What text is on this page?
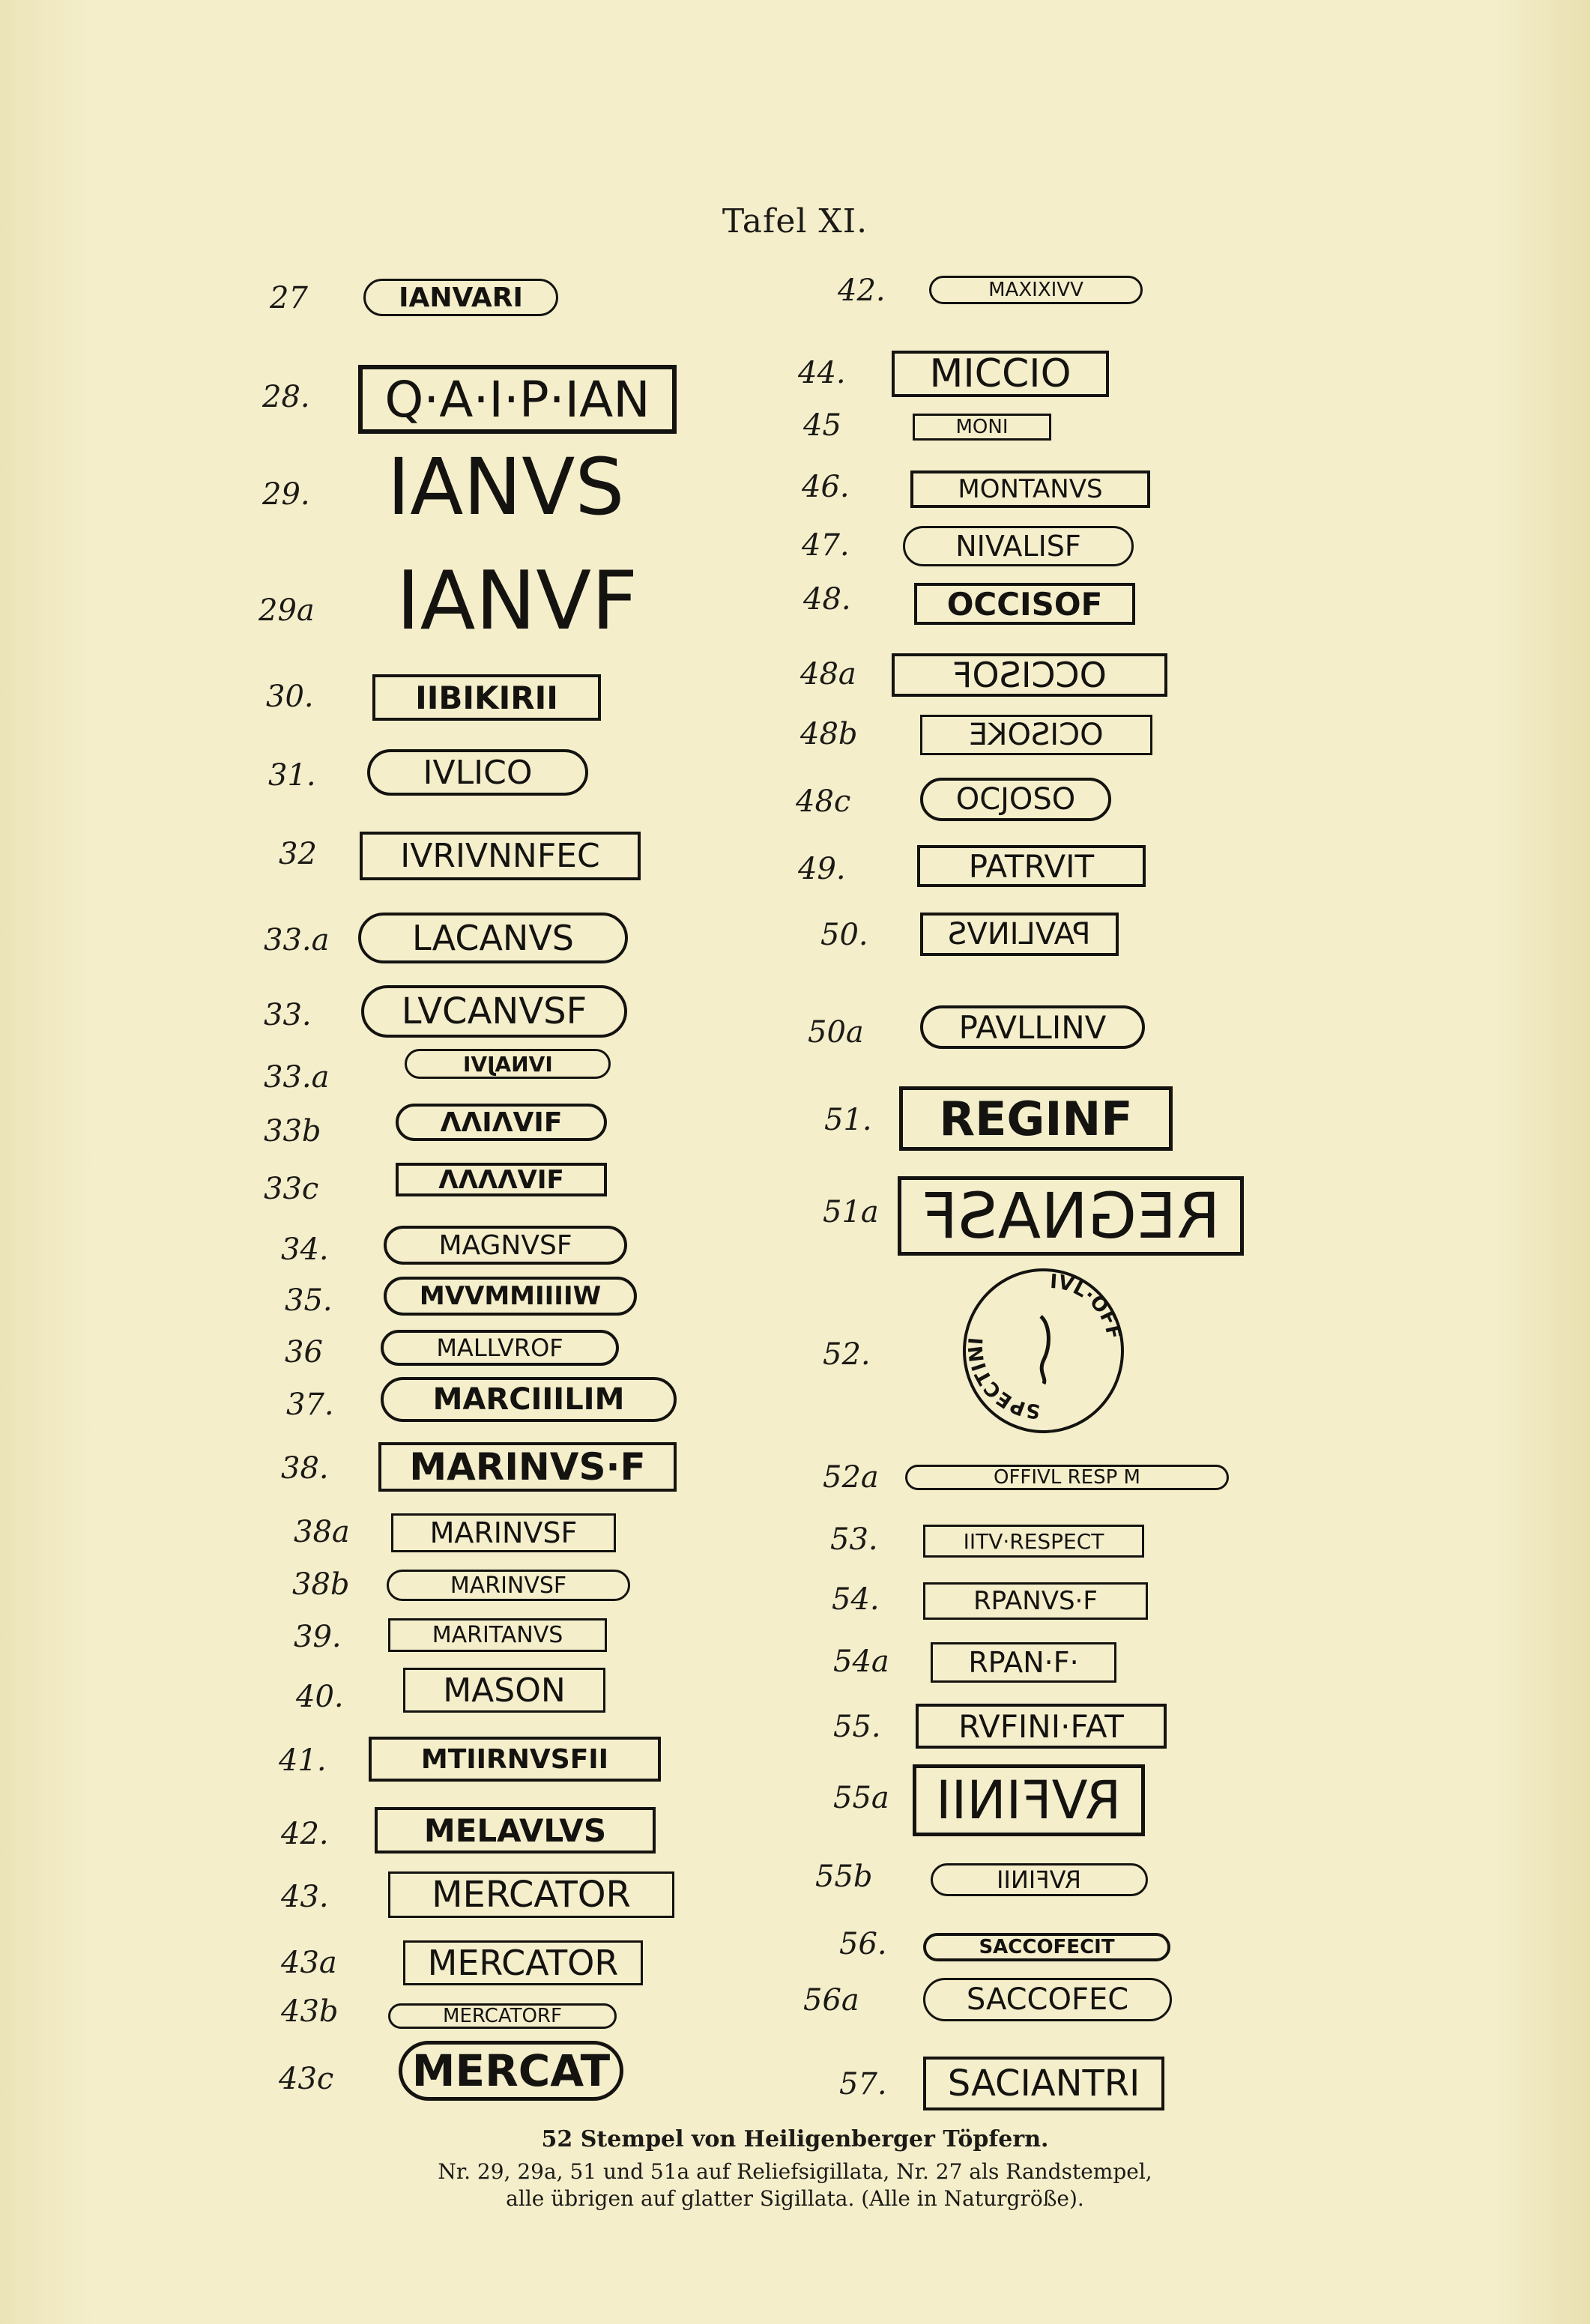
Tafel XI.
27	IANVARI
28. Q·A·I·P·IAN
29. IANVS
29a IANVF
30.	IIBIKIRII
31.	IVLICO
32	IVRIVNNFEC
33.a LACANVS
33.	LVCANVSF
33.a	IVNAJVI
33b	ΛΛΙΛVIF
33c	ΛΛΛΛVIF
34.	MAGNVSF
35.	MVVMMIIIIW
36	MALLVROF
37.	MARCIIILIM
38. MARINVS·F
38a	MARINVSF
38b	MARINVSF
39.	MARITANVS
40.	MASON
41.	MTIIRNVSFII
42.	MELAVLVS
43.	MERCATOR
43a	MERCATOR
43b	MERCATORF
43c MERCAT
42.	MAXIXIVV
44. MICCIO
45	MONI
46.	MONTANVS
47.	NIVALISF
48.	OCCISOF
48a	OCCISOF
48b	OCISOKE
48c	OCJOSO
49.	PATRVIT
50.	PAVLINVS
50a	PAVLLINV
51. REGINF
51a REGNASF
52.
SPECTINI
IVL·OF
52a	OFFIVL RESP M
53.	IITV·RESPECT
54.	RPANVS·F
54a	RPAN·F·
55. RVFINI·FAT
55a RVFINII
55b	RVFINII
56.	SACCOFECIT
56a	SACCOFEC
57. SACIANTRI
52 Stempel von Heiligenberger Töpfern.
Nr. 29, 29a, 51 und 51a auf Reliefsigillata, Nr. 27 als Randstempel,
alle übrigen auf glatter Sigillata. (Alle in Naturgröße).
